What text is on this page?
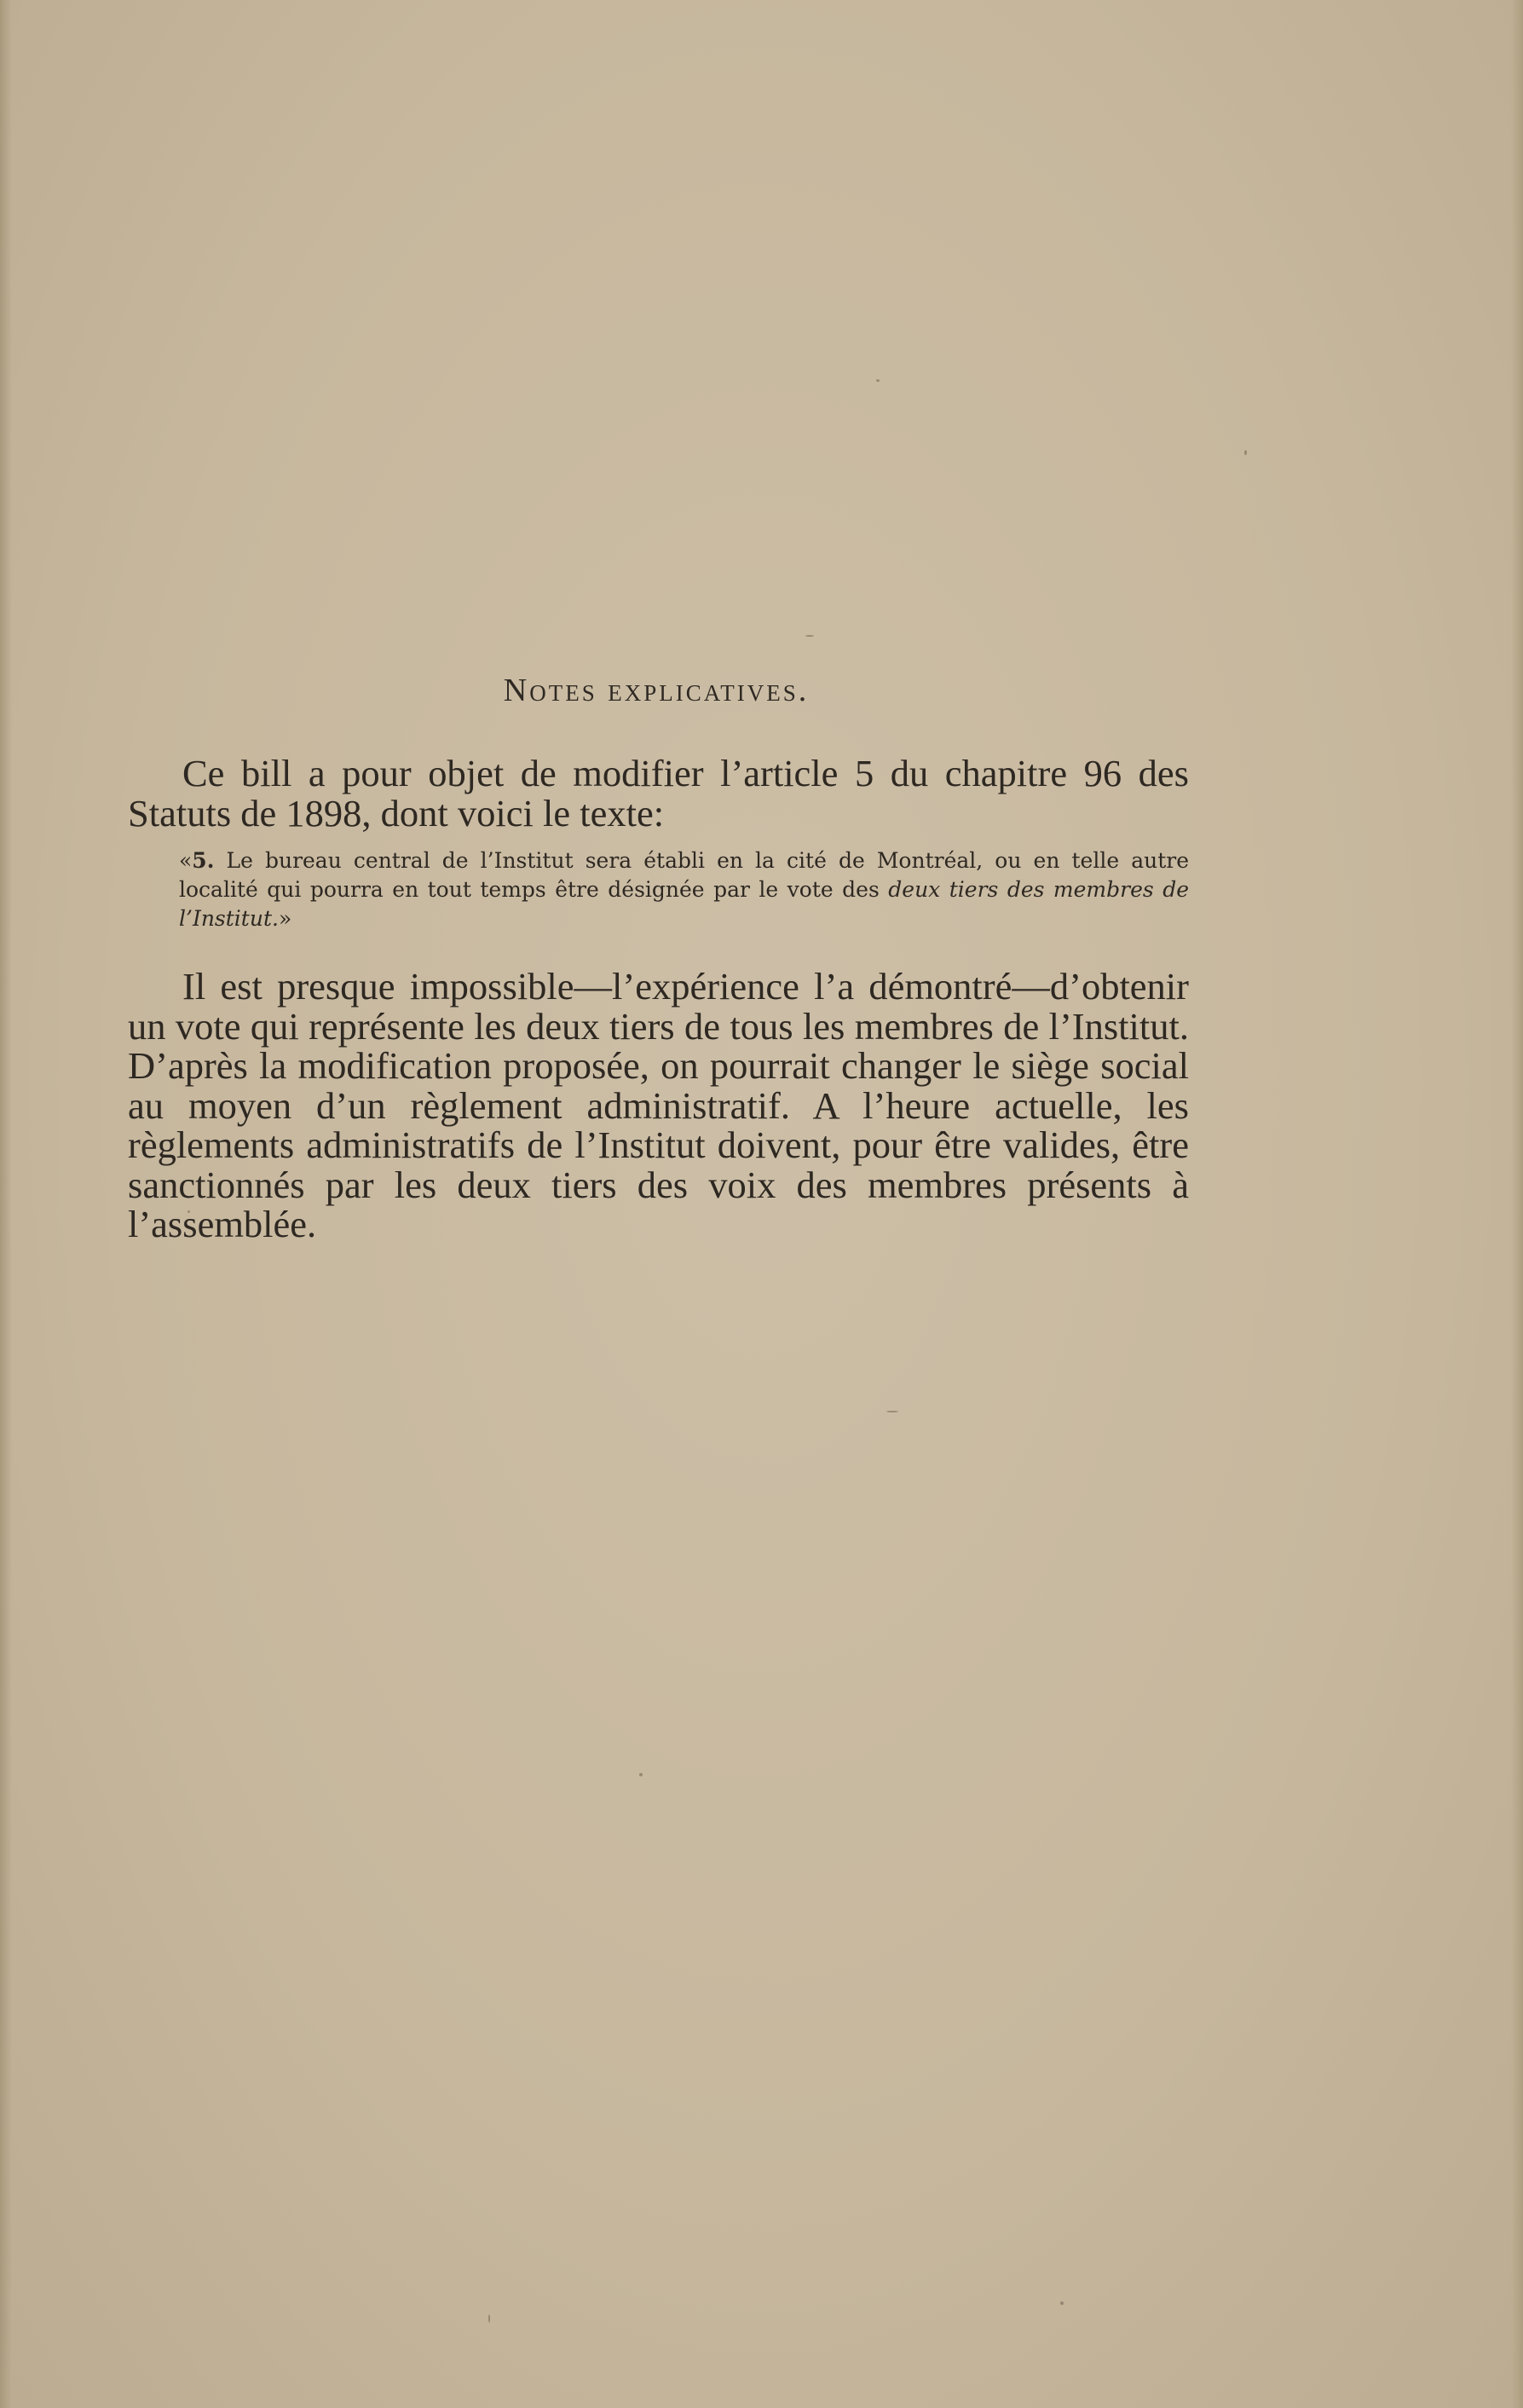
Notes explicatives.
Ce bill a pour objet de modifier l’article 5 du chapitre 96 des Statuts de 1898, dont voici le texte:
«5. Le bureau central de l’Institut sera établi en la cité de Montréal, ou en telle autre localité qui pourra en tout temps être désignée par le vote des deux tiers des membres de l’Institut.»
Il est presque impossible—l’expérience l’a démontré—d’obtenir un vote qui représente les deux tiers de tous les membres de l’Institut. D’après la modification proposée, on pourrait changer le siège social au moyen d’un règlement administratif. A l’heure actuelle, les règlements administratifs de l’Institut doivent, pour être valides, être sanctionnés par les deux tiers des voix des membres présents à l’assemblée.
